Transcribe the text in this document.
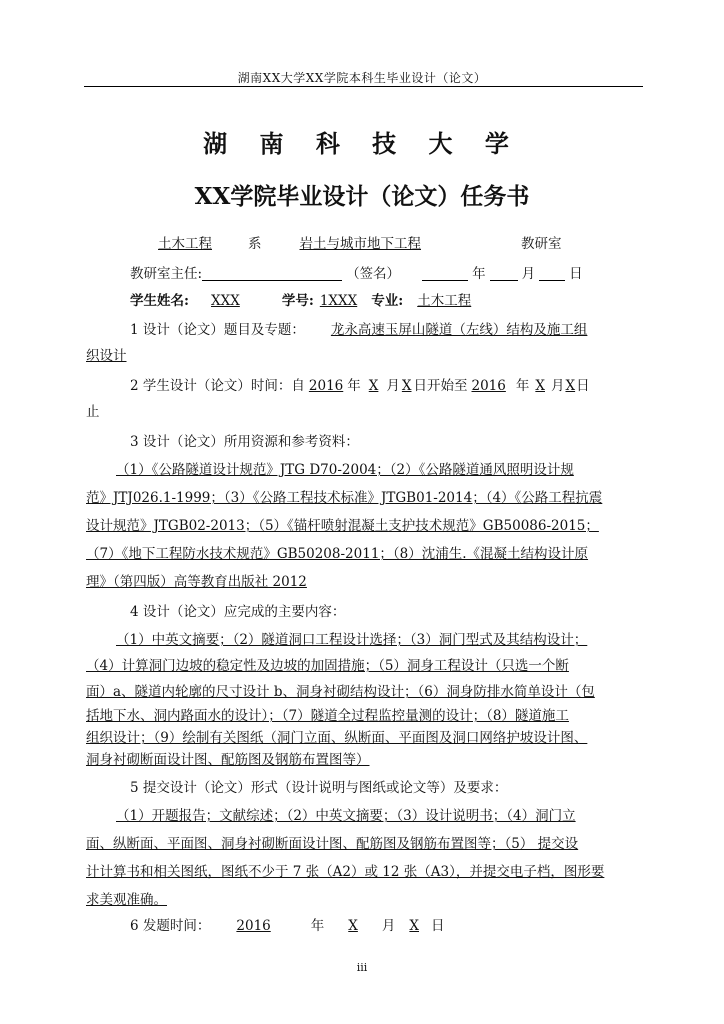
湖南XX大学XX学院本科生毕业设计（论文）
湖 南 科 技 大 学
XX学院毕业设计（论文）任务书
土木工程	系	岩土与城市地下工程	教研室
教研室主任:	（签名）	年	月	日
学生姓名: XXX	学号: 1XXX 专业: 土木工程
1 设计（论文）题目及专题： 龙永高速玉屏山隧道（左线）结构及施工组
织设计
2 学生设计（论文）时间：自 2016 年 X 月 X 日开始至 2016 年 X 月X日
止
3 设计（论文）所用资源和参考资料：
（1）《公路隧道设计规范》JTG D70-2004；（2）《公路隧道通风照明设计规
范》JTJ026.1-1999；（3）《公路工程技术标准》JTGB01-2014；（4）《公路工程抗震
设计规范》JTGB02-2013；（5）《锚杆喷射混凝土支护技术规范》GB50086-2015；
（7）《地下工程防水技术规范》GB50208-2011；（8）沈浦生.《混凝土结构设计原
理》（第四版）高等教育出版社 2012
4 设计（论文）应完成的主要内容：
（1）中英文摘要；（2）隧道洞口工程设计选择；（3）洞门型式及其结构设计；
（4）计算洞门边坡的稳定性及边坡的加固措施；（5）洞身工程设计（只选一个断
面）a、隧道内轮廓的尺寸设计 b、洞身衬砌结构设计；（6）洞身防排水简单设计（包
括地下水、洞内路面水的设计）；（7）隧道全过程监控量测的设计；（8）隧道施工
组织设计；（9）绘制有关图纸（洞门立面、纵断面、平面图及洞口网络护坡设计图、
洞身衬砌断面设计图、配筋图及钢筋布置图等）
5 提交设计（论文）形式（设计说明与图纸或论文等）及要求：
（1）开题报告；文献综述；（2）中英文摘要；（3）设计说明书；（4）洞门立
面、纵断面、平面图、洞身衬砌断面设计图、配筋图及钢筋布置图等；（5） 提交设
计计算书和相关图纸，图纸不少于 7 张（A2）或 12 张（A3），并提交电子档，图形要
求美观准确。
6 发题时间： 2016	年 X 月 X 日
iii
